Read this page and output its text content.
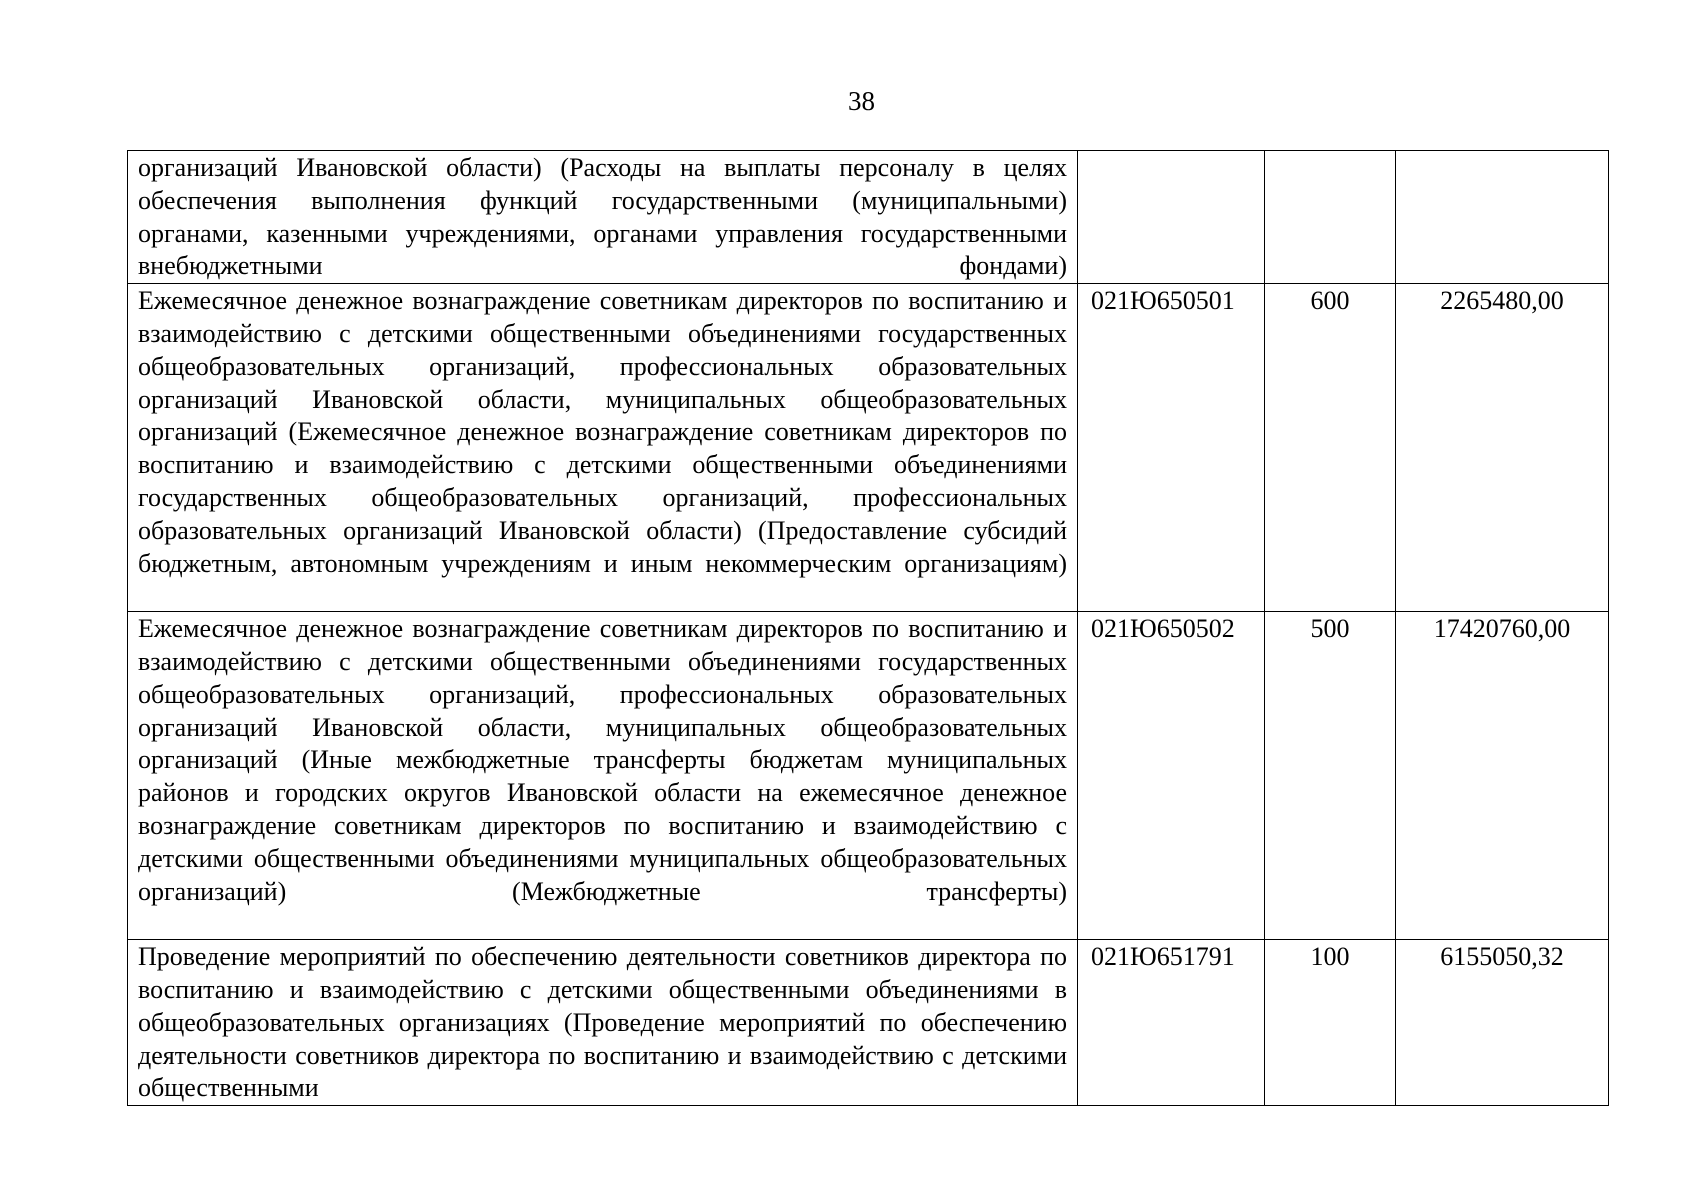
38
организаций Ивановской области) (Расходы на выплаты персоналу в целях обеспечения выполнения функций государственными (муниципальными) органами, казенными учреждениями, органами управления государственными внебюджетными фондами)			
Ежемесячное денежное вознаграждение советникам директоров по воспитанию и взаимодействию с детскими общественными объединениями государственных общеобразовательных организаций, профессиональных образовательных организаций Ивановской области, муниципальных общеобразовательных организаций (Ежемесячное денежное вознаграждение советникам директоров по воспитанию и взаимодействию с детскими общественными объединениями государственных общеобразовательных организаций, профессиональных образовательных организаций Ивановской области) (Предоставление субсидий бюджетным, автономным учреждениям и иным некоммерческим организациям)	021Ю650501	600	2265480,00
Ежемесячное денежное вознаграждение советникам директоров по воспитанию и взаимодействию с детскими общественными объединениями государственных общеобразовательных организаций, профессиональных образовательных организаций Ивановской области, муниципальных общеобразовательных организаций (Иные межбюджетные трансферты бюджетам муниципальных районов и городских округов Ивановской области на ежемесячное денежное вознаграждение советникам директоров по воспитанию и взаимодействию с детскими общественными объединениями муниципальных общеобразовательных организаций) (Межбюджетные трансферты)	021Ю650502	500	17420760,00
Проведение мероприятий по обеспечению деятельности советников директора по воспитанию и взаимодействию с детскими общественными объединениями в общеобразовательных организациях (Проведение мероприятий по обеспечению деятельности советников директора по воспитанию и взаимодействию с детскими общественными	021Ю651791	100	6155050,32
